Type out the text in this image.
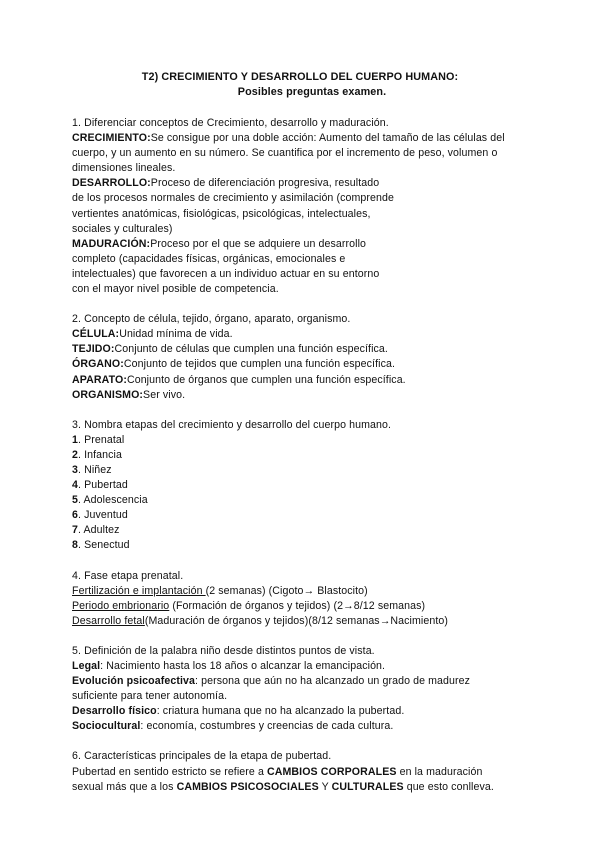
T2) CRECIMIENTO Y DESARROLLO DEL CUERPO HUMANO:
Posibles preguntas examen.
1. Diferenciar conceptos de Crecimiento, desarrollo y maduración.
CRECIMIENTO:Se consigue por una doble acción: Aumento del tamaño de las células del
cuerpo, y un aumento en su número. Se cuantifica por el incremento de peso, volumen o
dimensiones lineales.
DESARROLLO:Proceso de diferenciación progresiva, resultado
de los procesos normales de crecimiento y asimilación (comprende
vertientes anatómicas, fisiológicas, psicológicas, intelectuales,
sociales y culturales)
MADURACIÓN:Proceso por el que se adquiere un desarrollo
completo (capacidades físicas, orgánicas, emocionales e
intelectuales) que favorecen a un individuo actuar en su entorno
con el mayor nivel posible de competencia.
2. Concepto de célula, tejido, órgano, aparato, organismo.
CÉLULA:Unidad mínima de vida.
TEJIDO:Conjunto de células que cumplen una función específica.
ÓRGANO:Conjunto de tejidos que cumplen una función específica.
APARATO:Conjunto de órganos que cumplen una función específica.
ORGANISMO:Ser vivo.
3. Nombra etapas del crecimiento y desarrollo del cuerpo humano.
1. Prenatal
2. Infancia
3. Niñez
4. Pubertad
5. Adolescencia
6. Juventud
7. Adultez
8. Senectud
4. Fase etapa prenatal.
Fertilización e implantación (2 semanas) (Cigoto→ Blastocito)
Periodo embrionario (Formación de órganos y tejidos) (2→8/12 semanas)
Desarrollo fetal(Maduración de órganos y tejidos)(8/12 semanas→Nacimiento)
5. Definición de la palabra niño desde distintos puntos de vista.
Legal: Nacimiento hasta los 18 años o alcanzar la emancipación.
Evolución psicoafectiva: persona que aún no ha alcanzado un grado de madurez
suficiente para tener autonomía.
Desarrollo físico: criatura humana que no ha alcanzado la pubertad.
Sociocultural: economía, costumbres y creencias de cada cultura.
6. Características principales de la etapa de pubertad.
Pubertad en sentido estricto se refiere a CAMBIOS CORPORALES en la maduración
sexual más que a los CAMBIOS PSICOSOCIALES Y CULTURALES que esto conlleva.
